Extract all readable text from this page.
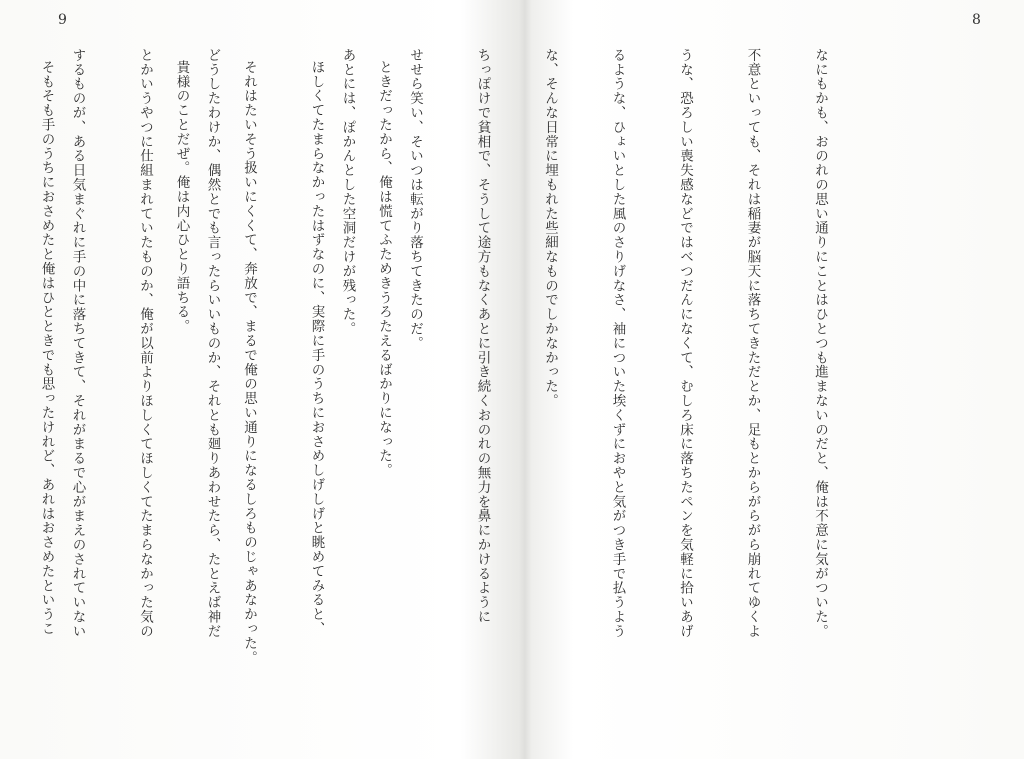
9	8

なにもかも、おのれの思い通りにことはひとつも進まないのだと、俺は不意に気がついた。

不意といっても、それは稲妻が脳天に落ちてきただとか、足もとからがらがら崩れてゆくよ

うな、恐ろしい喪失感などではべつだんになくて、むしろ床に落ちたペンを気軽に拾いあげ

るような、ひょいとした風のさりげなさ、袖についた埃くずにおやと気がつき手で払うよう

な、そんな日常に埋もれた些細なものでしかなかった。

ちっぽけで貧相で、そうして途方もなくあとに引き続くおのれの無力を鼻にかけるように

せせら笑い、そいつは転がり落ちてきたのだ。

あとには、ぽかんとした空洞だけが残った。

どうしたわけか、偶然とでも言ったらいいものか、それとも廻りあわせたら、たとえば神だ

とかいうやつに仕組まれていたものか、俺が以前よりほしくてほしくてたまらなかった気の

するものが、ある日気まぐれに手の中に落ちてきて、それがまるで心がまえのされていない

	ときだったから、俺は慌てふためきうろたえるばかりになった。

ほしくてたまらなかったはずなのに、実際に手のうちにおさめしげしげと眺めてみると、

それはたいそう扱いにくくて、奔放で、まるで俺の思い通りになるしろものじゃあなかった。

貴様のことだぜ。俺は内心ひとり語ちる。

そもそも手のうちにおさめたと俺はひとときでも思ったけれど、あれはおさめたというこ
